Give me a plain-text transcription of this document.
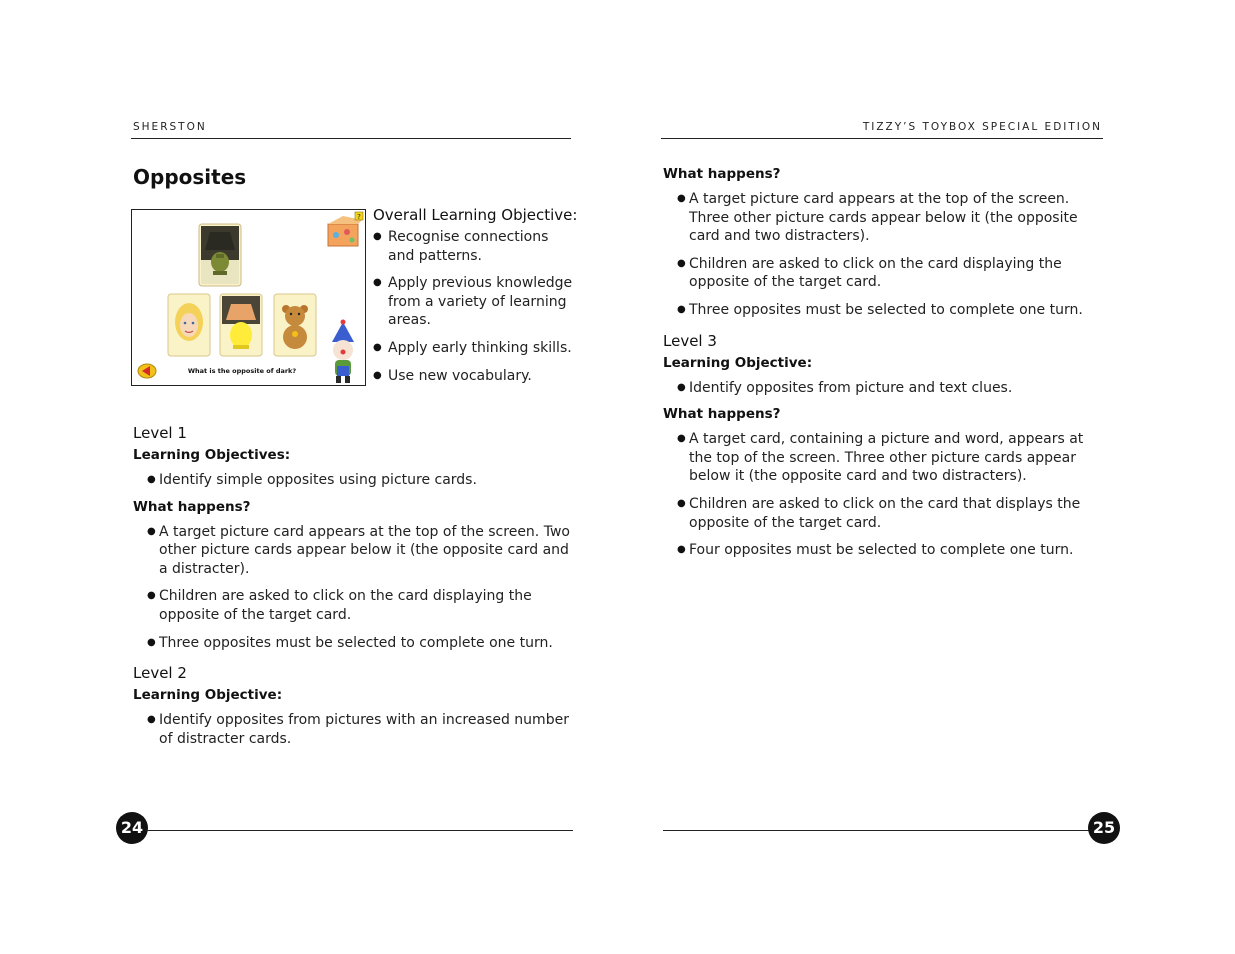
SHERSTON
Opposites
?
What is the opposite of dark?
Overall Learning Objective:
● Recognise connections and patterns.
● Apply previous knowledge from a variety of learning areas.
● Apply early thinking skills.
● Use new vocabulary.
Level 1
Learning Objectives:
● Identify simple opposites using picture cards.
What happens?
● A target picture card appears at the top of the screen. Two other picture cards appear below it (the opposite card and a distracter).
● Children are asked to click on the card displaying the opposite of the target card.
● Three opposites must be selected to complete one turn.
Level 2
Learning Objective:
● Identify opposites from pictures with an increased number of distracter cards.
24
TIZZY’S TOYBOX SPECIAL EDITION
What happens?
● A target picture card appears at the top of the screen. Three other picture cards appear below it (the opposite card and two distracters).
● Children are asked to click on the card displaying the opposite of the target card.
● Three opposites must be selected to complete one turn.
Level 3
Learning Objective:
● Identify opposites from picture and text clues.
What happens?
● A target card, containing a picture and word, appears at the top of the screen. Three other picture cards appear below it (the opposite card and two distracters).
● Children are asked to click on the card that displays the opposite of the target card.
● Four opposites must be selected to complete one turn.
25
